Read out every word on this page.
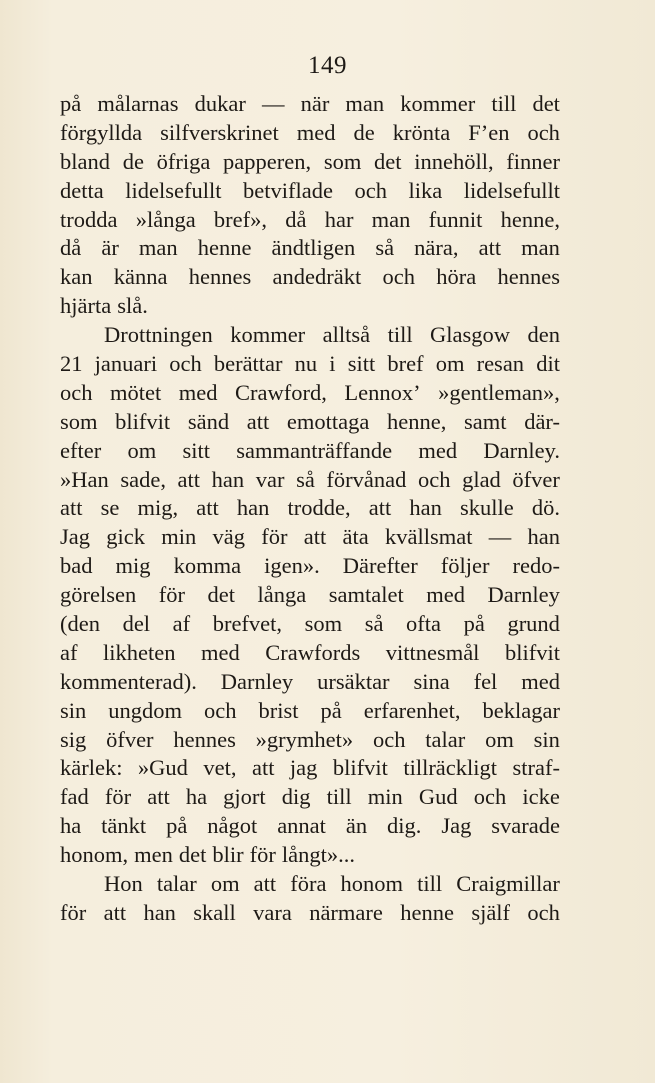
149
på målarnas dukar — när man kommer till det
förgyllda silfverskrinet med de krönta F’en och
bland de öfriga papperen, som det innehöll, finner
detta lidelsefullt betviflade och lika lidelsefullt
trodda »långa bref», då har man funnit henne,
då är man henne ändtligen så nära, att man
kan känna hennes andedräkt och höra hennes
hjärta slå.
Drottningen kommer alltså till Glasgow den
21 januari och berättar nu i sitt bref om resan dit
och mötet med Crawford, Lennox’ »gentleman»,
som blifvit sänd att emottaga henne, samt där-
efter om sitt sammanträffande med Darnley.
»Han sade, att han var så förvånad och glad öfver
att se mig, att han trodde, att han skulle dö.
Jag gick min väg för att äta kvällsmat — han
bad mig komma igen». Därefter följer redo-
görelsen för det långa samtalet med Darnley
(den del af brefvet, som så ofta på grund
af likheten med Crawfords vittnesmål blifvit
kommenterad). Darnley ursäktar sina fel med
sin ungdom och brist på erfarenhet, beklagar
sig öfver hennes »grymhet» och talar om sin
kärlek: »Gud vet, att jag blifvit tillräckligt straf-
fad för att ha gjort dig till min Gud och icke
ha tänkt på något annat än dig. Jag svarade
honom, men det blir för långt»...
Hon talar om att föra honom till Craigmillar
för att han skall vara närmare henne själf och
